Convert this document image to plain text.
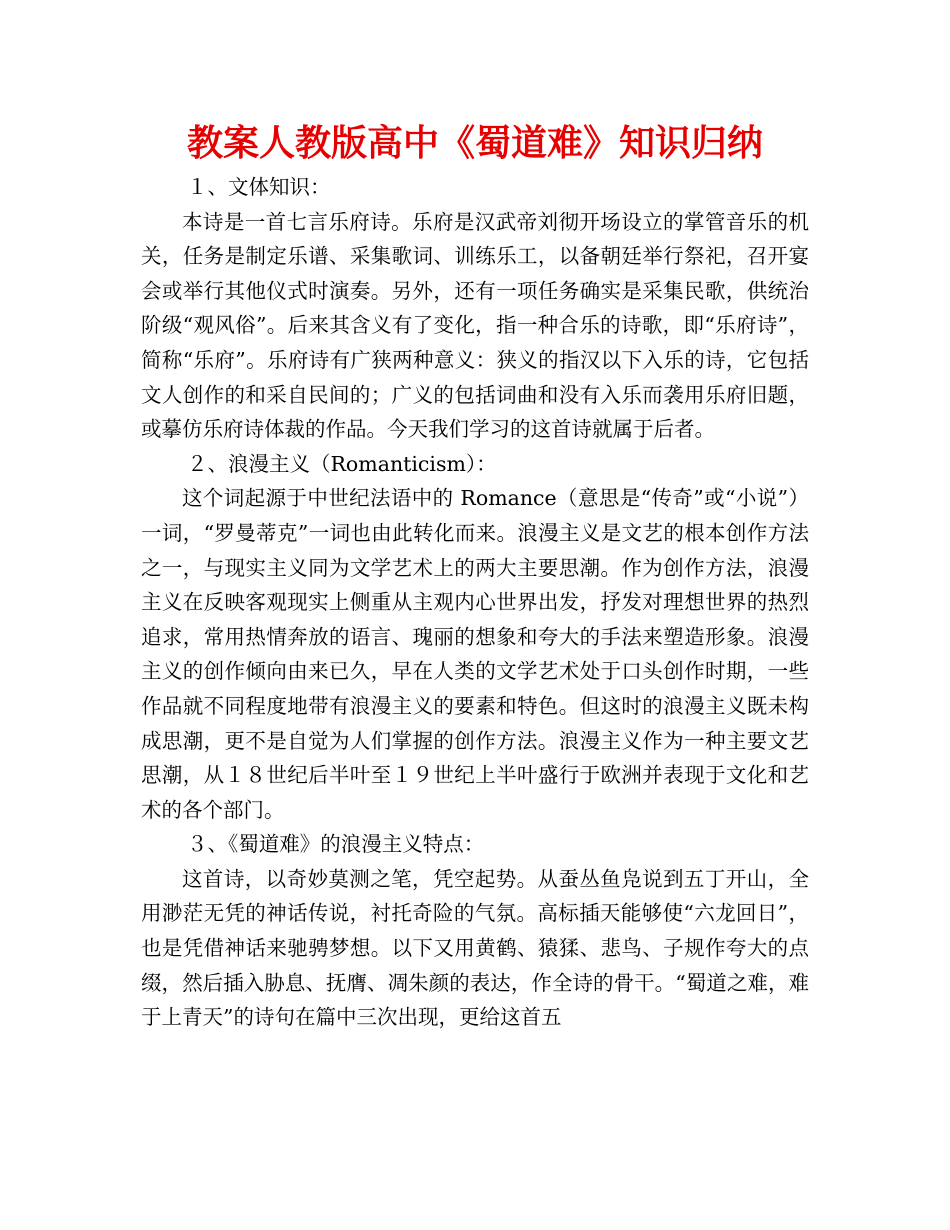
教案人教版高中《蜀道难》知识归纳
１、文体知识：

本诗是一首七言乐府诗。乐府是汉武帝刘彻开场设立的掌管音乐的机关，任务是制定乐谱、采集歌词、训练乐工，以备朝廷举行祭祀，召开宴会或举行其他仪式时演奏。另外，还有一项任务确实是采集民歌，供统治阶级“观风俗”。后来其含义有了变化，指一种合乐的诗歌，即“乐府诗”，简称“乐府”。乐府诗有广狭两种意义：狭义的指汉以下入乐的诗，它包括文人创作的和采自民间的；广义的包括词曲和没有入乐而袭用乐府旧题，或摹仿乐府诗体裁的作品。今天我们学习的这首诗就属于后者。

２、浪漫主义（Romanticism）：

这个词起源于中世纪法语中的 Romance（意思是“传奇”或“小说”）一词，“罗曼蒂克”一词也由此转化而来。浪漫主义是文艺的根本创作方法之一，与现实主义同为文学艺术上的两大主要思潮。作为创作方法，浪漫主义在反映客观现实上侧重从主观内心世界出发，抒发对理想世界的热烈追求，常用热情奔放的语言、瑰丽的想象和夸大的手法来塑造形象。浪漫主义的创作倾向由来已久，早在人类的文学艺术处于口头创作时期，一些作品就不同程度地带有浪漫主义的要素和特色。但这时的浪漫主义既未构成思潮，更不是自觉为人们掌握的创作方法。浪漫主义作为一种主要文艺思潮，从１８世纪后半叶至１９世纪上半叶盛行于欧洲并表现于文化和艺术的各个部门。

３、《蜀道难》的浪漫主义特点：

这首诗，以奇妙莫测之笔，凭空起势。从蚕丛鱼凫说到五丁开山，全用渺茫无凭的神话传说，衬托奇险的气氛。高标插天能够使“六龙回日”，也是凭借神话来驰骋梦想。以下又用黄鹤、猿猱、悲鸟、子规作夸大的点缀，然后插入胁息、抚膺、凋朱颜的表达，作全诗的骨干。“蜀道之难，难于上青天”的诗句在篇中三次出现，更给这首五
